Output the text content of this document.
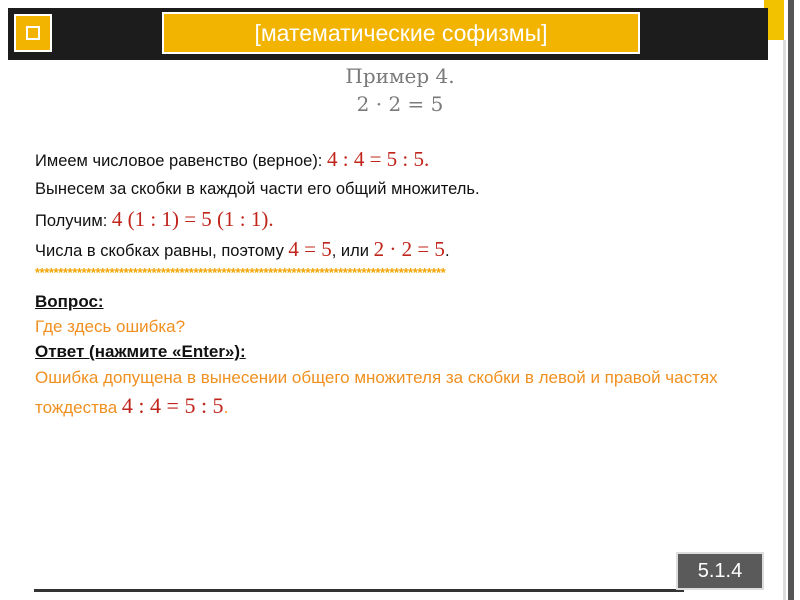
[математические софизмы]
Пример 4.
2 · 2 = 5
Имеем числовое равенство (верное): 4 : 4 = 5 : 5.
Вынесем за скобки в каждой части его общий множитель.
Получим: 4 (1 : 1) = 5 (1 : 1).
Числа в скобках равны, поэтому 4 = 5, или 2 · 2 = 5.
****************************************************************************************
Вопрос:
Где здесь ошибка?
Ответ (нажмите «Enter»):
Ошибка допущена в вынесении общего множителя за скобки в левой и правой частях тождества 4 : 4 = 5 : 5.
5.1.4
